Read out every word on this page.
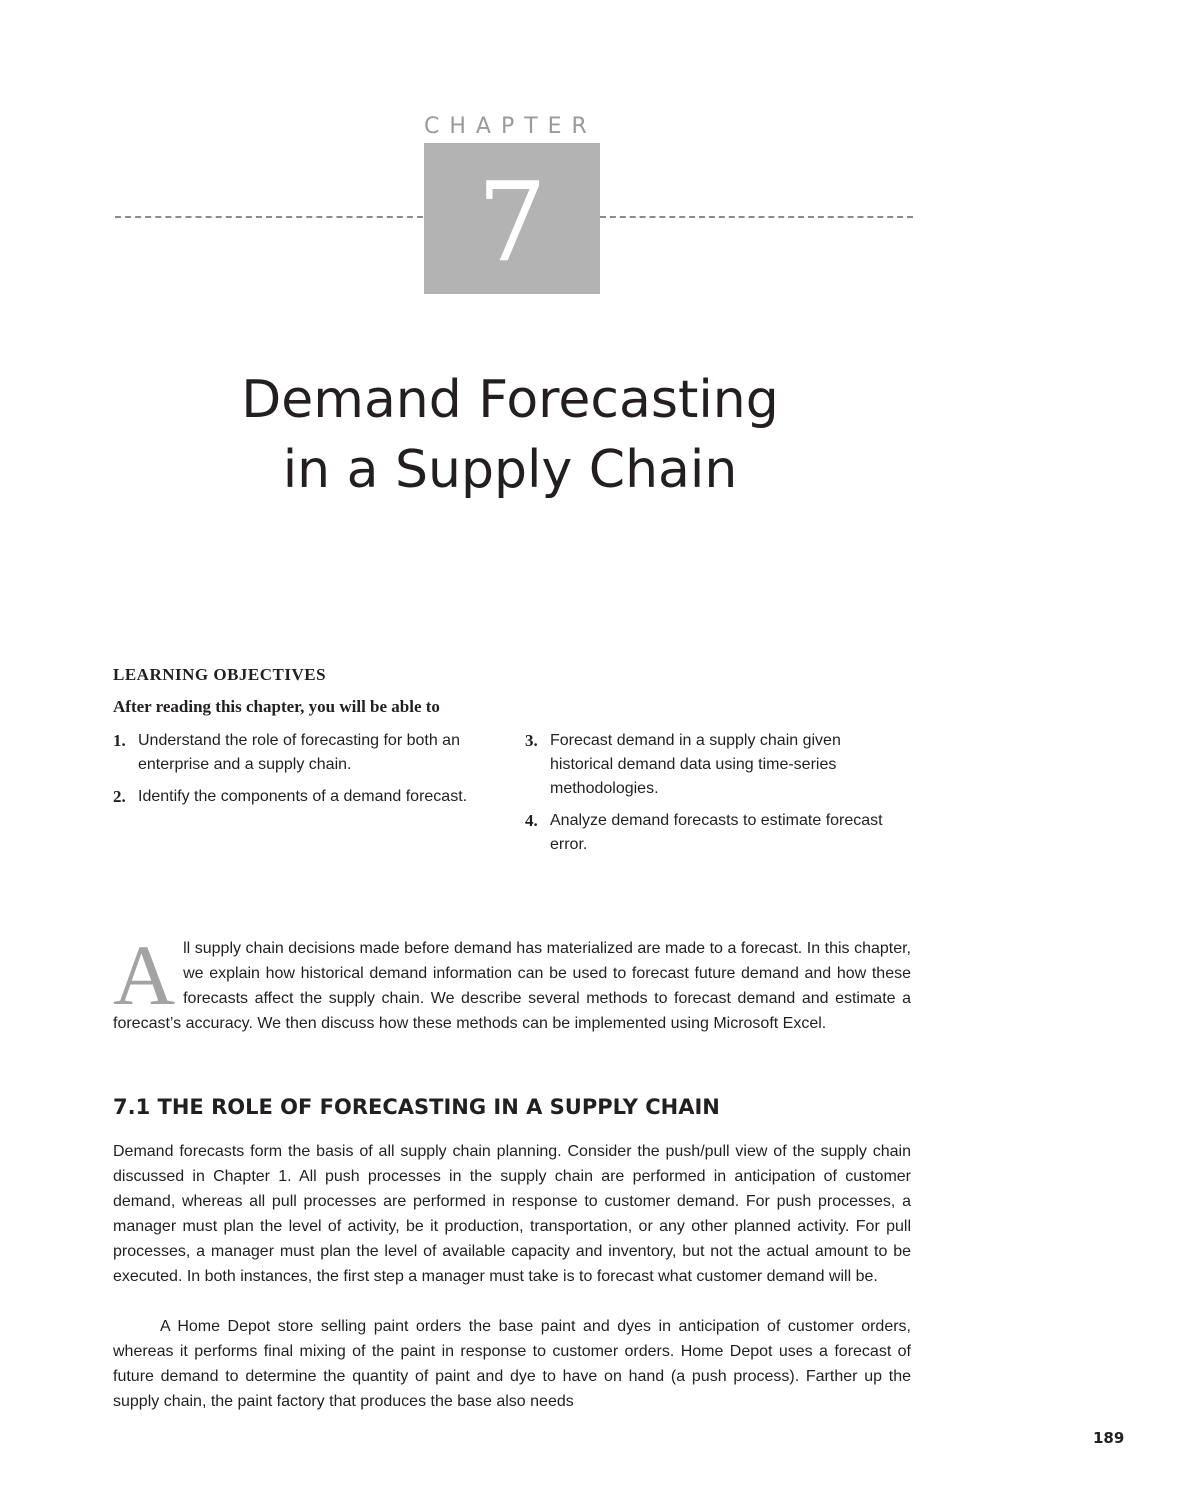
CHAPTER
7
Demand Forecasting
in a Supply Chain

LEARNING OBJECTIVES

After reading this chapter, you will be able to

1. Understand the role of forecasting for both an enterprise and a supply chain.
2. Identify the components of a demand forecast.
3. Forecast demand in a supply chain given historical demand data using time-series methodologies.
4. Analyze demand forecasts to estimate forecast error.

All supply chain decisions made before demand has materialized are made to a forecast. In this chapter, we explain how historical demand information can be used to forecast future demand and how these forecasts affect the supply chain. We describe several methods to forecast demand and estimate a forecast’s accuracy. We then discuss how these methods can be implemented using Microsoft Excel.

7.1 THE ROLE OF FORECASTING IN A SUPPLY CHAIN

Demand forecasts form the basis of all supply chain planning. Consider the push/pull view of the supply chain discussed in Chapter 1. All push processes in the supply chain are performed in anticipation of customer demand, whereas all pull processes are performed in response to customer demand. For push processes, a manager must plan the level of activity, be it production, transportation, or any other planned activity. For pull processes, a manager must plan the level of available capacity and inventory, but not the actual amount to be executed. In both instances, the first step a manager must take is to forecast what customer demand will be.

A Home Depot store selling paint orders the base paint and dyes in anticipation of customer orders, whereas it performs final mixing of the paint in response to customer orders. Home Depot uses a forecast of future demand to determine the quantity of paint and dye to have on hand (a push process). Farther up the supply chain, the paint factory that produces the base also needs

189
